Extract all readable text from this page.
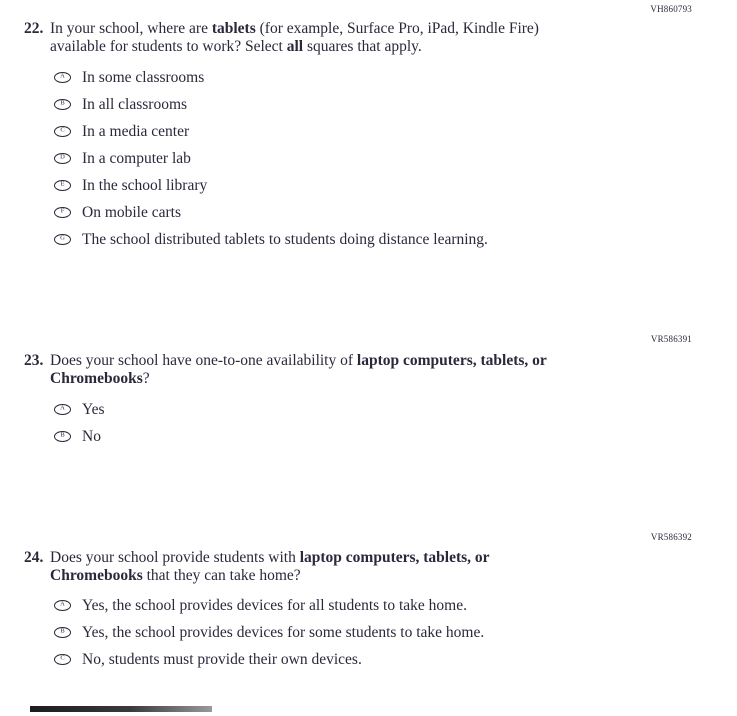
VH860793
22. In your school, where are tablets (for example, Surface Pro, iPad, Kindle Fire)
available for students to work? Select all squares that apply.
A In some classrooms
B In all classrooms
C In a media center
D In a computer lab
E In the school library
F On mobile carts
G The school distributed tablets to students doing distance learning.
VR586391
23. Does your school have one-to-one availability of laptop computers, tablets, or
Chromebooks?
A Yes
B No
VR586392
24. Does your school provide students with laptop computers, tablets, or
Chromebooks that they can take home?
A Yes, the school provides devices for all students to take home.
B Yes, the school provides devices for some students to take home.
C No, students must provide their own devices.
